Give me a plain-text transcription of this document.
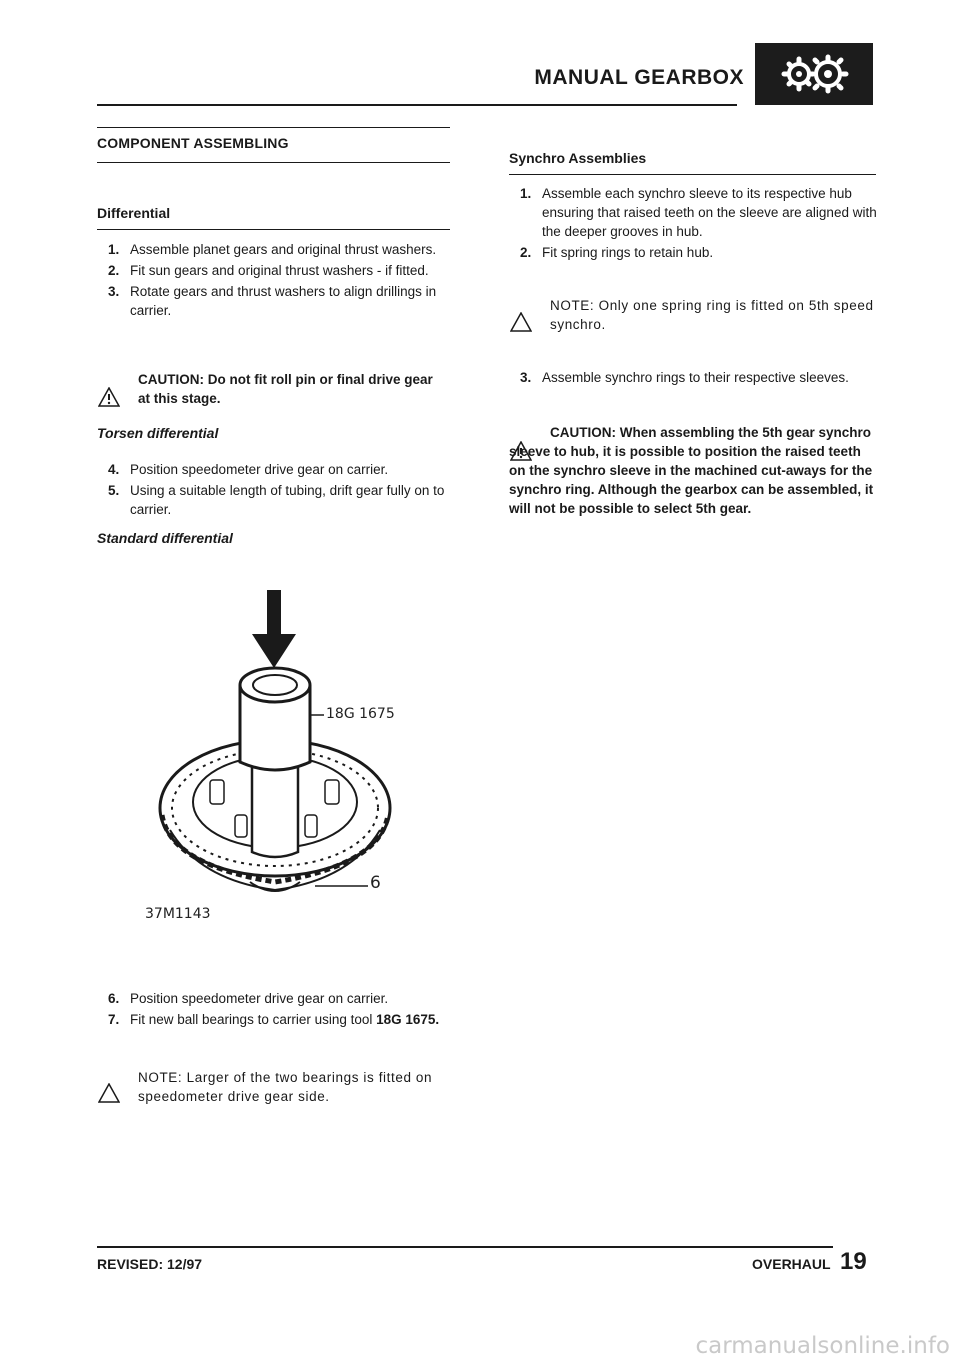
MANUAL GEARBOX
COMPONENT ASSEMBLING
Differential
1. Assemble planet gears and original thrust washers.
2. Fit sun gears and original thrust washers - if fitted.
3. Rotate gears and thrust washers to align drillings in carrier.
CAUTION: Do not fit roll pin or final drive gear at this stage.
Torsen differential
4. Position speedometer drive gear on carrier.
5. Using a suitable length of tubing, drift gear fully on to carrier.
Standard differential
18G 1675
6
37M1143
6. Position speedometer drive gear on carrier.
7. Fit new ball bearings to carrier using tool 18G 1675.
NOTE: Larger of the two bearings is fitted on speedometer drive gear side.
Synchro Assemblies
1. Assemble each synchro sleeve to its respective hub ensuring that raised teeth on the sleeve are aligned with the deeper grooves in hub.
2. Fit spring rings to retain hub.
NOTE: Only one spring ring is fitted on 5th speed synchro.
3. Assemble synchro rings to their respective sleeves.
CAUTION: When assembling the 5th gear synchro sleeve to hub, it is possible to position the raised teeth on the synchro sleeve in the machined cut-aways for the synchro ring. Although the gearbox can be assembled, it will not be possible to select 5th gear.
REVISED: 12/97	OVERHAUL 19
carmanualsonline.info
